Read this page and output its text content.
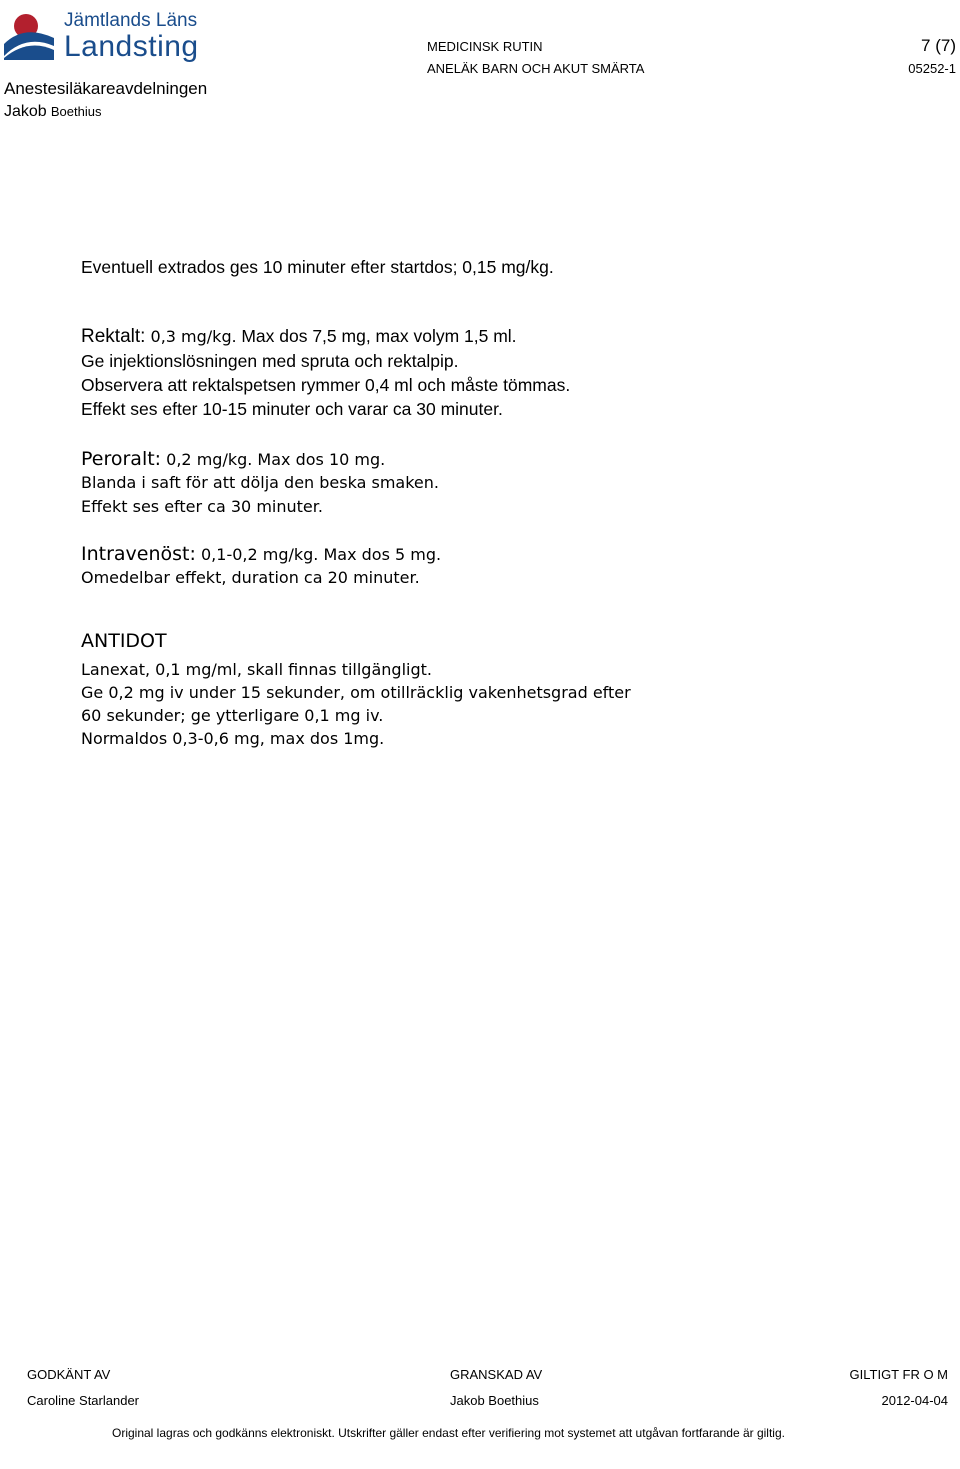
Jämtlands Läns
Landsting
Anestesiläkareavdelningen
Jakob Boethius
MEDICINSK RUTIN
ANELÄK BARN OCH AKUT SMÄRTA
7 (7)
05252-1
Eventuell extrados ges 10 minuter efter startdos; 0,15 mg/kg.
Rektalt: 0,3 mg/kg. Max dos 7,5 mg, max volym 1,5 ml.
Ge injektionslösningen med spruta och rektalpip.
Observera att rektalspetsen rymmer 0,4 ml och måste tömmas.
Effekt ses efter 10-15 minuter och varar ca 30 minuter.
Peroralt: 0,2 mg/kg. Max dos 10 mg.
Blanda i saft för att dölja den beska smaken.
Effekt ses efter ca 30 minuter.
Intravenöst: 0,1-0,2 mg/kg. Max dos 5 mg.
Omedelbar effekt, duration ca 20 minuter.
ANTIDOT
Lanexat, 0,1 mg/ml, skall finnas tillgängligt.
Ge 0,2 mg iv under 15 sekunder, om otillräcklig vakenhetsgrad efter
60 sekunder; ge ytterligare 0,1 mg iv.
Normaldos 0,3-0,6 mg, max dos 1mg.
GODKÄNT AV
Caroline Starlander
GRANSKAD AV
Jakob Boethius
GILTIGT FR O M
2012-04-04
Original lagras och godkänns elektroniskt. Utskrifter gäller endast efter verifiering mot systemet att utgåvan fortfarande är giltig.
